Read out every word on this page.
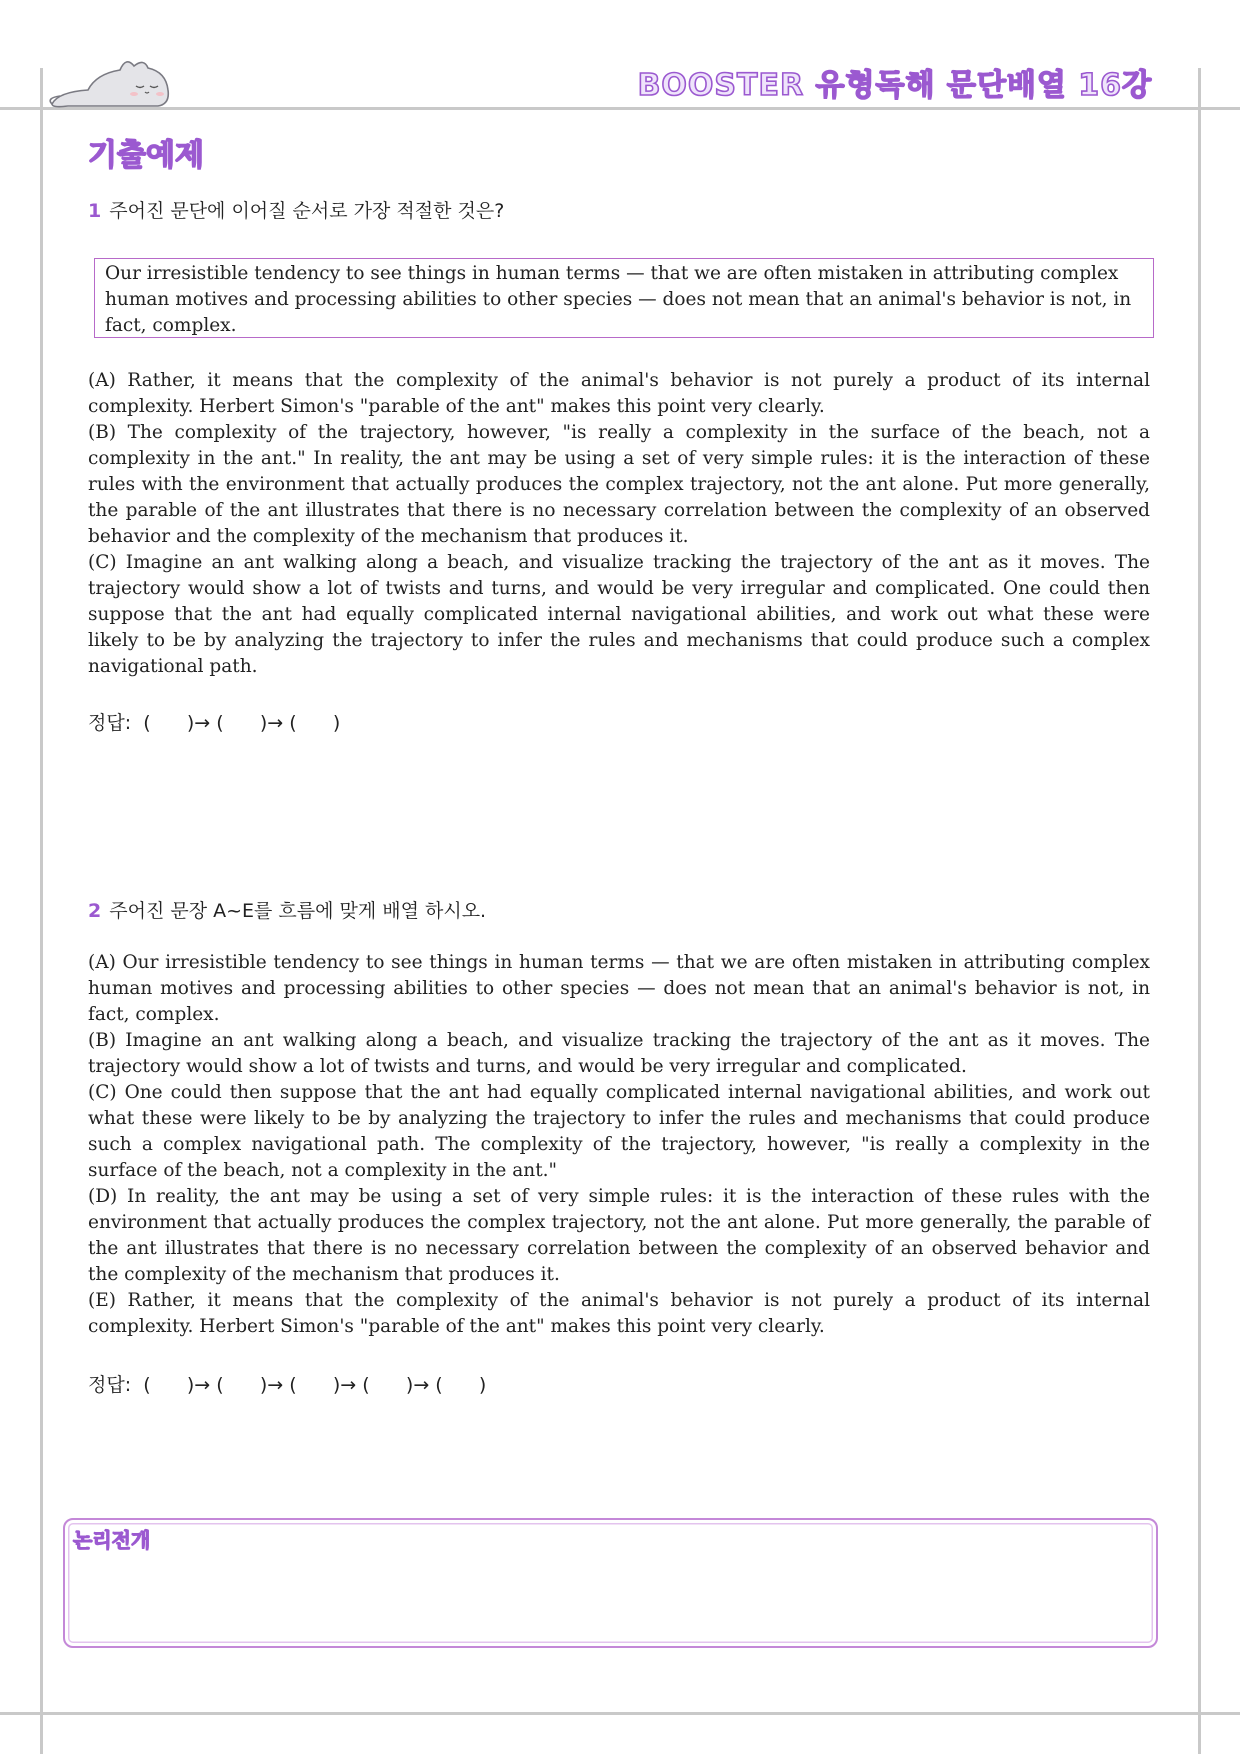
BOOSTER 유형독해 문단배열 16강
기출예제
1 주어진 문단에 이어질 순서로 가장 적절한 것은?
Our irresistible tendency to see things in human terms — that we are often mistaken in attributing complex human motives and processing abilities to other species — does not mean that an animal's behavior is not, in fact, complex.

(A) Rather, it means that the complexity of the animal's behavior is not purely a product of its internal complexity. Herbert Simon's "parable of the ant" makes this point very clearly.

(B) The complexity of the trajectory, however, "is really a complexity in the surface of the beach, not a complexity in the ant." In reality, the ant may be using a set of very simple rules: it is the interaction of these rules with the environment that actually produces the complex trajectory, not the ant alone. Put more generally, the parable of the ant illustrates that there is no necessary correlation between the complexity of an observed behavior and the complexity of the mechanism that produces it.

(C) Imagine an ant walking along a beach, and visualize tracking the trajectory of the ant as it moves. The trajectory would show a lot of twists and turns, and would be very irregular and complicated. One could then suppose that the ant had equally complicated internal navigational abilities, and work out what these were likely to be by analyzing the trajectory to infer the rules and mechanisms that could produce such a complex navigational path.

정답:  (      )→ (      )→ (      )
2 주어진 문장 A~E를 흐름에 맞게 배열 하시오.

(A) Our irresistible tendency to see things in human terms — that we are often mistaken in attributing complex human motives and processing abilities to other species — does not mean that an animal's behavior is not, in fact, complex.

(B) Imagine an ant walking along a beach, and visualize tracking the trajectory of the ant as it moves. The trajectory would show a lot of twists and turns, and would be very irregular and complicated.

(C) One could then suppose that the ant had equally complicated internal navigational abilities, and work out what these were likely to be by analyzing the trajectory to infer the rules and mechanisms that could produce such a complex navigational path. The complexity of the trajectory, however, "is really a complexity in the surface of the beach, not a complexity in the ant."

(D) In reality, the ant may be using a set of very simple rules: it is the interaction of these rules with the environment that actually produces the complex trajectory, not the ant alone. Put more generally, the parable of the ant illustrates that there is no necessary correlation between the complexity of an observed behavior and the complexity of the mechanism that produces it.

(E) Rather, it means that the complexity of the animal's behavior is not purely a product of its internal complexity. Herbert Simon's "parable of the ant" makes this point very clearly.

정답:  (      )→ (      )→ (      )→ (      )→ (      )
논리전개
